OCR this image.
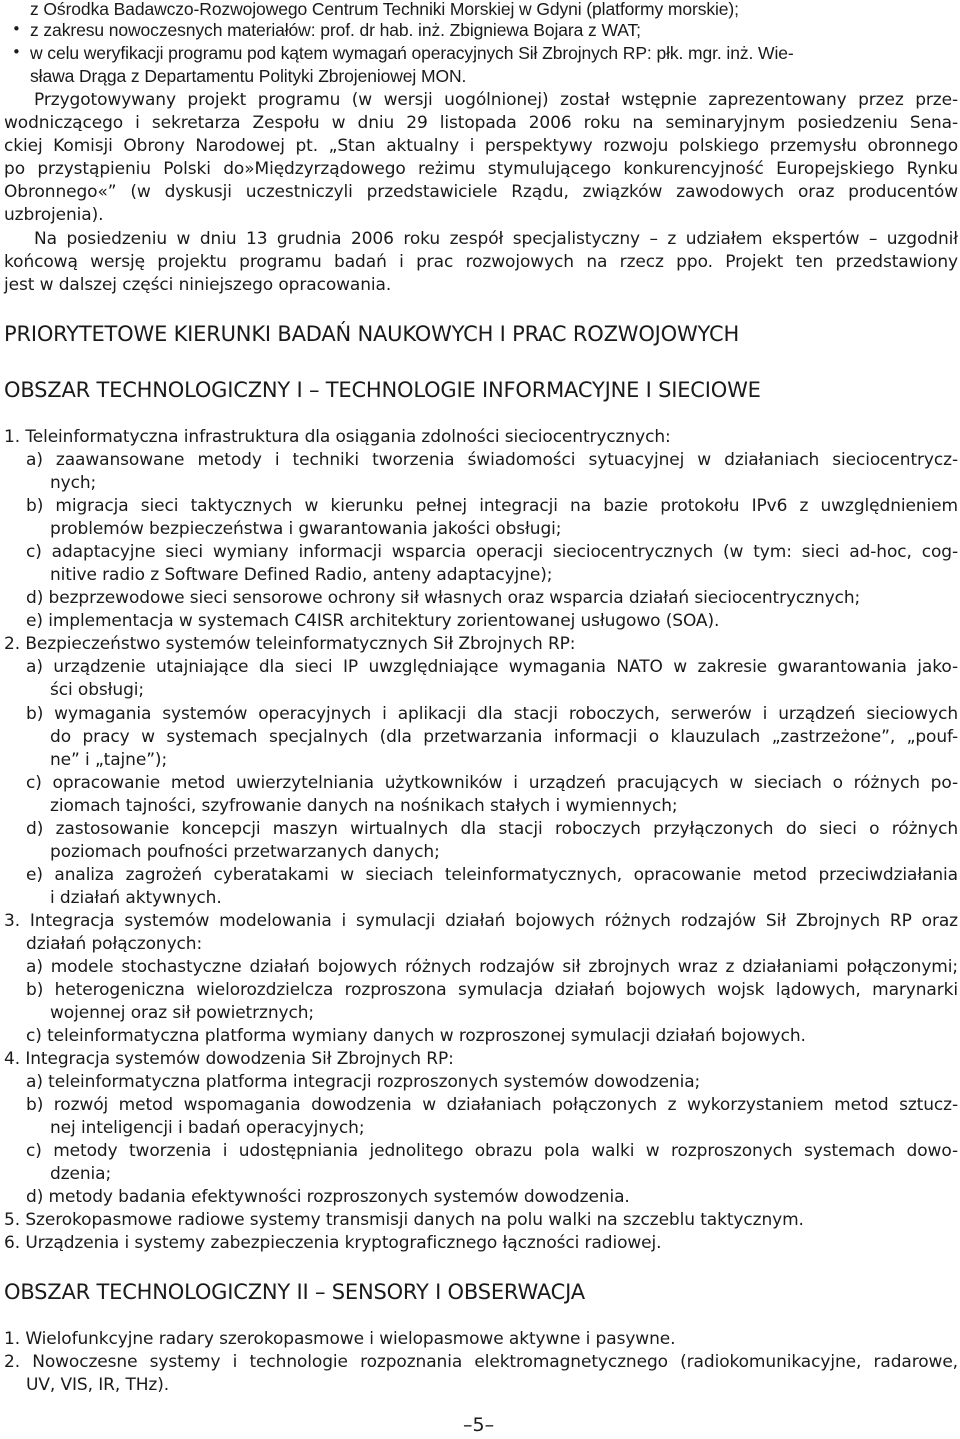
z Ośrodka Badawczo-Rozwojowego Centrum Techniki Morskiej w Gdyni (platformy morskie);
• z zakresu nowoczesnych materiałów: prof. dr hab. inż. Zbigniewa Bojara z WAT;
• w celu weryfikacji programu pod kątem wymagań operacyjnych Sił Zbrojnych RP: płk. mgr. inż. Wie-
sława Drąga z Departamentu Polityki Zbrojeniowej MON.
Przygotowywany projekt programu (w wersji uogólnionej) został wstępnie zaprezentowany przez prze-
wodniczącego i sekretarza Zespołu w dniu 29 listopada 2006 roku na seminaryjnym posiedzeniu Sena-
ckiej Komisji Obrony Narodowej pt. „Stan aktualny i perspektywy rozwoju polskiego przemysłu obronnego
po przystąpieniu Polski do»Międzyrządowego reżimu stymulującego konkurencyjność Europejskiego Rynku
Obronnego«” (w dyskusji uczestniczyli przedstawiciele Rządu, związków zawodowych oraz producentów
uzbrojenia).
Na posiedzeniu w dniu 13 grudnia 2006 roku zespół specjalistyczny – z udziałem ekspertów – uzgodnił
końcową wersję projektu programu badań i prac rozwojowych na rzecz ppo. Projekt ten przedstawiony
jest w dalszej części niniejszego opracowania.
PRIORYTETOWE KIERUNKI BADAŃ NAUKOWYCH I PRAC ROZWOJOWYCH
OBSZAR TECHNOLOGICZNY I – TECHNOLOGIE INFORMACYJNE I SIECIOWE
1. Teleinformatyczna infrastruktura dla osiągania zdolności sieciocentrycznych:
a) zaawansowane metody i techniki tworzenia świadomości sytuacyjnej w działaniach sieciocentrycz-
nych;
b) migracja sieci taktycznych w kierunku pełnej integracji na bazie protokołu IPv6 z uwzględnieniem
problemów bezpieczeństwa i gwarantowania jakości obsługi;
c) adaptacyjne sieci wymiany informacji wsparcia operacji sieciocentrycznych (w tym: sieci ad-hoc, cog-
nitive radio z Software Defined Radio, anteny adaptacyjne);
d) bezprzewodowe sieci sensorowe ochrony sił własnych oraz wsparcia działań sieciocentrycznych;
e) implementacja w systemach C4ISR architektury zorientowanej usługowo (SOA).
2. Bezpieczeństwo systemów teleinformatycznych Sił Zbrojnych RP:
a) urządzenie utajniające dla sieci IP uwzględniające wymagania NATO w zakresie gwarantowania jako-
ści obsługi;
b) wymagania systemów operacyjnych i aplikacji dla stacji roboczych, serwerów i urządzeń sieciowych
do pracy w systemach specjalnych (dla przetwarzania informacji o klauzulach „zastrzeżone”, „pouf-
ne” i „tajne”);
c) opracowanie metod uwierzytelniania użytkowników i urządzeń pracujących w sieciach o różnych po-
ziomach tajności, szyfrowanie danych na nośnikach stałych i wymiennych;
d) zastosowanie koncepcji maszyn wirtualnych dla stacji roboczych przyłączonych do sieci o różnych
poziomach poufności przetwarzanych danych;
e) analiza zagrożeń cyberatakami w sieciach teleinformatycznych, opracowanie metod przeciwdziałania
i działań aktywnych.
3. Integracja systemów modelowania i symulacji działań bojowych różnych rodzajów Sił Zbrojnych RP oraz
działań połączonych:
a) modele stochastyczne działań bojowych różnych rodzajów sił zbrojnych wraz z działaniami połączonymi;
b) heterogeniczna wielorozdzielcza rozproszona symulacja działań bojowych wojsk lądowych, marynarki
wojennej oraz sił powietrznych;
c) teleinformatyczna platforma wymiany danych w rozproszonej symulacji działań bojowych.
4. Integracja systemów dowodzenia Sił Zbrojnych RP:
a) teleinformatyczna platforma integracji rozproszonych systemów dowodzenia;
b) rozwój metod wspomagania dowodzenia w działaniach połączonych z wykorzystaniem metod sztucz-
nej inteligencji i badań operacyjnych;
c) metody tworzenia i udostępniania jednolitego obrazu pola walki w rozproszonych systemach dowo-
dzenia;
d) metody badania efektywności rozproszonych systemów dowodzenia.
5. Szerokopasmowe radiowe systemy transmisji danych na polu walki na szczeblu taktycznym.
6. Urządzenia i systemy zabezpieczenia kryptograficznego łączności radiowej.
OBSZAR TECHNOLOGICZNY II – SENSORY I OBSERWACJA
1. Wielofunkcyjne radary szerokopasmowe i wielopasmowe aktywne i pasywne.
2. Nowoczesne systemy i technologie rozpoznania elektromagnetycznego (radiokomunikacyjne, radarowe,
UV, VIS, IR, THz).
–5–
